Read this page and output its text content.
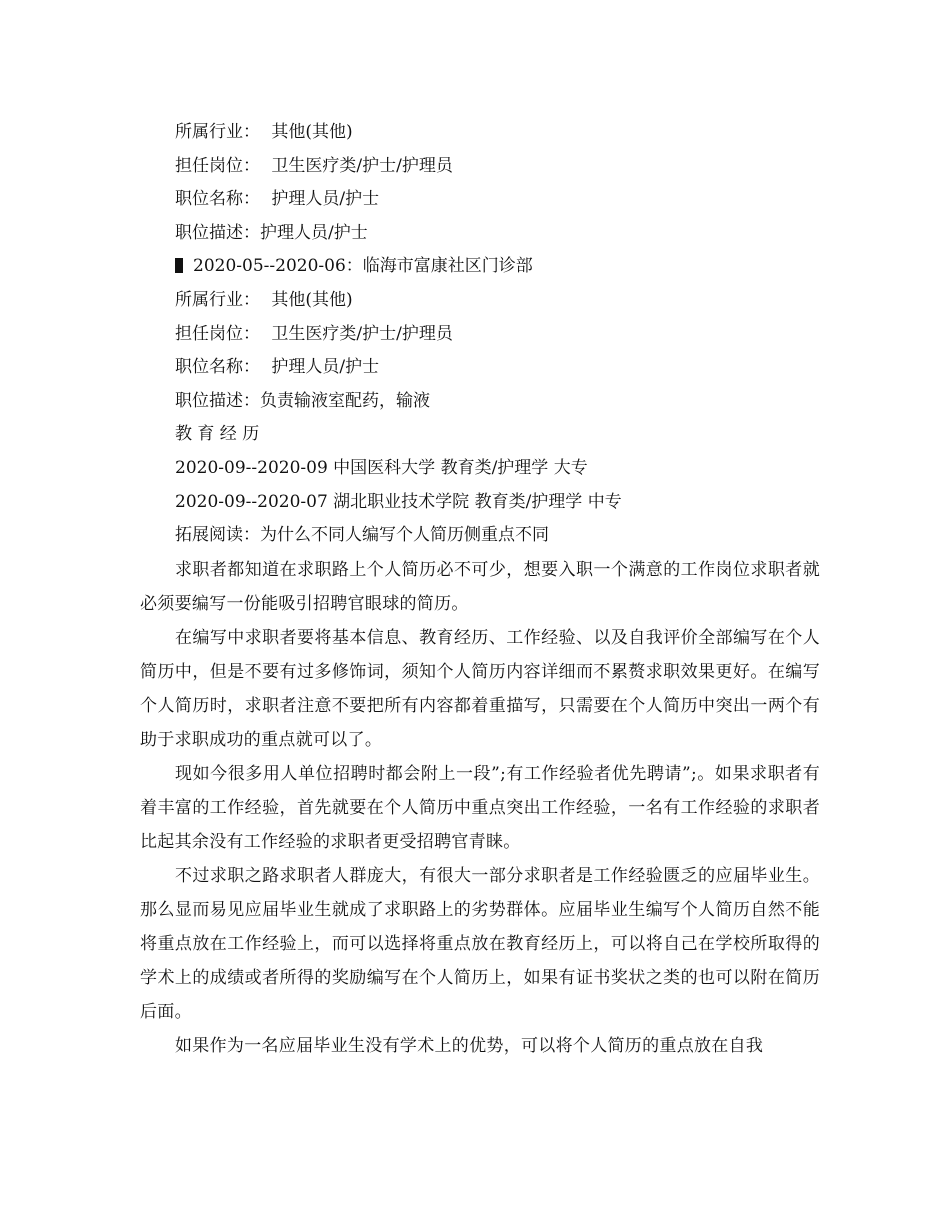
所属行业： 其他(其他)
担任岗位： 卫生医疗类/护士/护理员
职位名称： 护理人员/护士
职位描述：护理人员/护士
2020-05--2020-06：临海市富康社区门诊部
所属行业： 其他(其他)
担任岗位： 卫生医疗类/护士/护理员
职位名称： 护理人员/护士
职位描述：负责输液室配药，输液
教 育 经 历
2020-09--2020-09 中国医科大学 教育类/护理学 大专
2020-09--2020-07 湖北职业技术学院 教育类/护理学 中专
拓展阅读：为什么不同人编写个人简历侧重点不同

求职者都知道在求职路上个人简历必不可少，想要入职一个满意的工作岗位求职者就必须要编写一份能吸引招聘官眼球的简历。

在编写中求职者要将基本信息、教育经历、工作经验、以及自我评价全部编写在个人简历中，但是不要有过多修饰词，须知个人简历内容详细而不累赘求职效果更好。在编写个人简历时，求职者注意不要把所有内容都着重描写，只需要在个人简历中突出一两个有助于求职成功的重点就可以了。

现如今很多用人单位招聘时都会附上一段”;有工作经验者优先聘请”;。如果求职者有着丰富的工作经验，首先就要在个人简历中重点突出工作经验，一名有工作经验的求职者比起其余没有工作经验的求职者更受招聘官青睐。

不过求职之路求职者人群庞大，有很大一部分求职者是工作经验匮乏的应届毕业生。那么显而易见应届毕业生就成了求职路上的劣势群体。应届毕业生编写个人简历自然不能将重点放在工作经验上，而可以选择将重点放在教育经历上，可以将自己在学校所取得的学术上的成绩或者所得的奖励编写在个人简历上，如果有证书奖状之类的也可以附在简历后面。

如果作为一名应届毕业生没有学术上的优势，可以将个人简历的重点放在自我
